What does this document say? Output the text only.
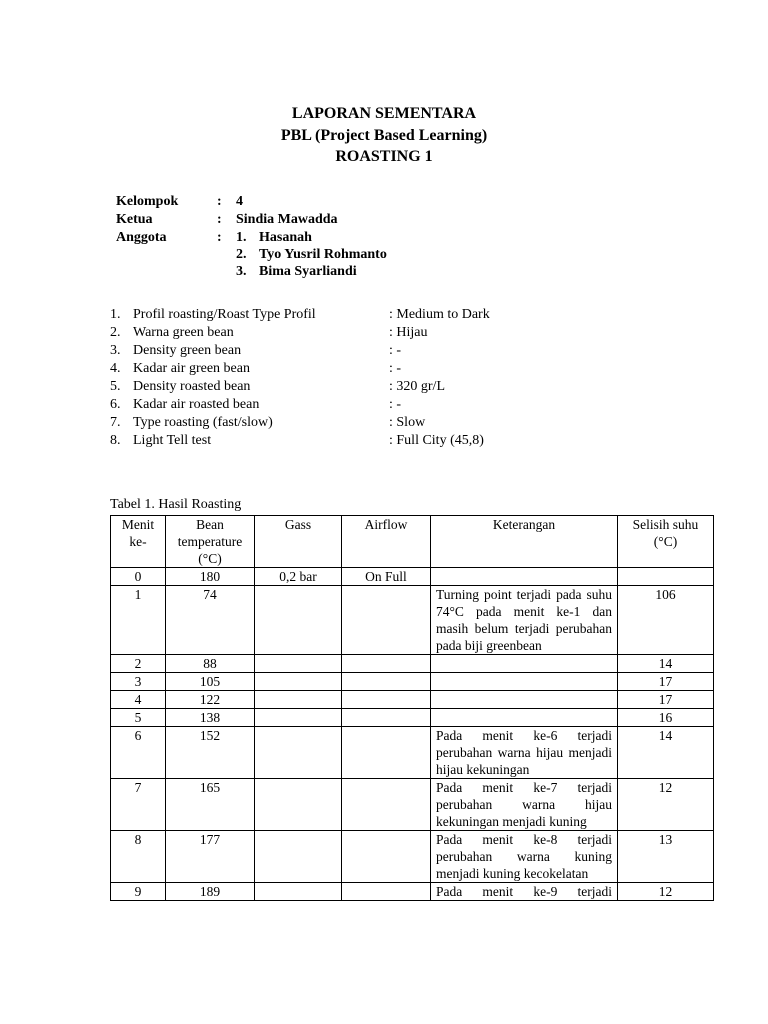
LAPORAN SEMENTARA
PBL (Project Based Learning)
ROASTING 1
Kelompok	: 4
Ketua	: Sindia Mawadda
Anggota	: 1. Hasanah
2. Tyo Yusril Rohmanto
3. Bima Syarliandi
1. Profil roasting/Roast Type Profil	: Medium to Dark
2. Warna green bean	: Hijau
3. Density green bean	: -
4. Kadar air green bean	: -
5. Density roasted bean	: 320 gr/L
6. Kadar air roasted bean	: -
7. Type roasting (fast/slow)	: Slow
8. Light Tell test	: Full City (45,8)
Tabel 1. Hasil Roasting
Menit ke-	Bean temperature (°C)	Gass	Airflow	Keterangan	Selisih suhu (°C)
0	180	0,2 bar	On Full		
1	74			Turning point terjadi pada suhu 74°C pada menit ke-1 dan masih belum terjadi perubahan pada biji greenbean	106
2	88				14
3	105				17
4	122				17
5	138				16
6	152			Pada menit ke-6 terjadi perubahan warna hijau menjadi hijau kekuningan	14
7	165			Pada menit ke-7 terjadi perubahan warna hijau kekuningan menjadi kuning	12
8	177			Pada menit ke-8 terjadi perubahan warna kuning menjadi kuning kecokelatan	13
9	189			Pada menit ke-9 terjadi	12
